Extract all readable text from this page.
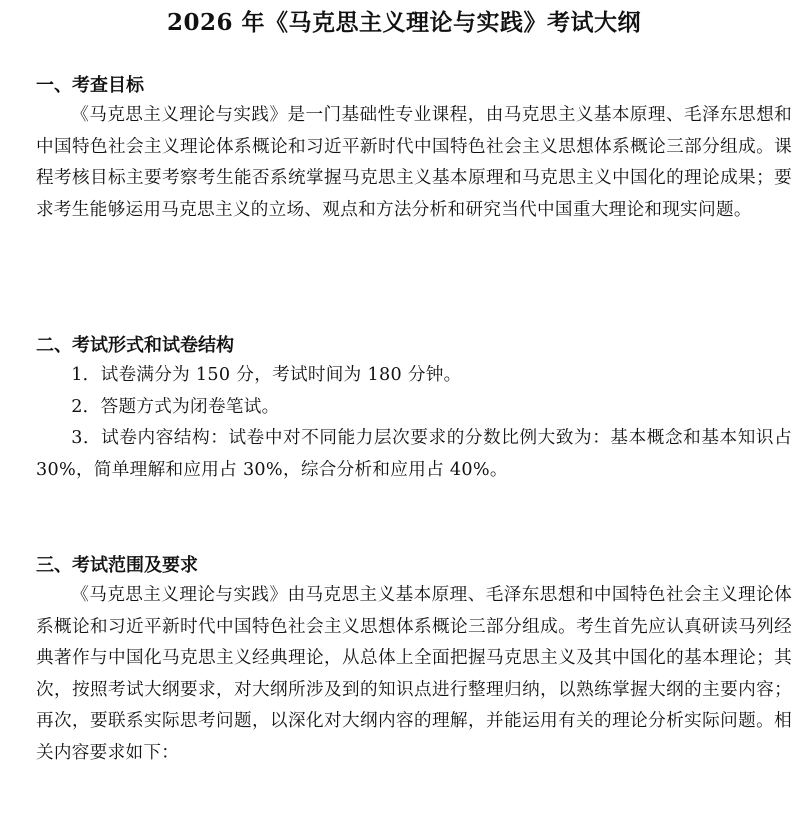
2026 年《马克思主义理论与实践》考试大纲
一、考查目标

《马克思主义理论与实践》是一门基础性专业课程，由马克思主义基本原理、毛泽东思想和中国特色社会主义理论体系概论和习近平新时代中国特色社会主义思想体系概论三部分组成。课程考核目标主要考察考生能否系统掌握马克思主义基本原理和马克思主义中国化的理论成果；要求考生能够运用马克思主义的立场、观点和方法分析和研究当代中国重大理论和现实问题。

二、考试形式和试卷结构

1．试卷满分为 150 分，考试时间为 180 分钟。

2．答题方式为闭卷笔试。

3．试卷内容结构：试卷中对不同能力层次要求的分数比例大致为：基本概念和基本知识占 30%，简单理解和应用占 30%，综合分析和应用占 40%。

三、考试范围及要求

《马克思主义理论与实践》由马克思主义基本原理、毛泽东思想和中国特色社会主义理论体系概论和习近平新时代中国特色社会主义思想体系概论三部分组成。考生首先应认真研读马列经典著作与中国化马克思主义经典理论，从总体上全面把握马克思主义及其中国化的基本理论；其次，按照考试大纲要求，对大纲所涉及到的知识点进行整理归纳，以熟练掌握大纲的主要内容；再次，要联系实际思考问题，以深化对大纲内容的理解，并能运用有关的理论分析实际问题。相关内容要求如下：
